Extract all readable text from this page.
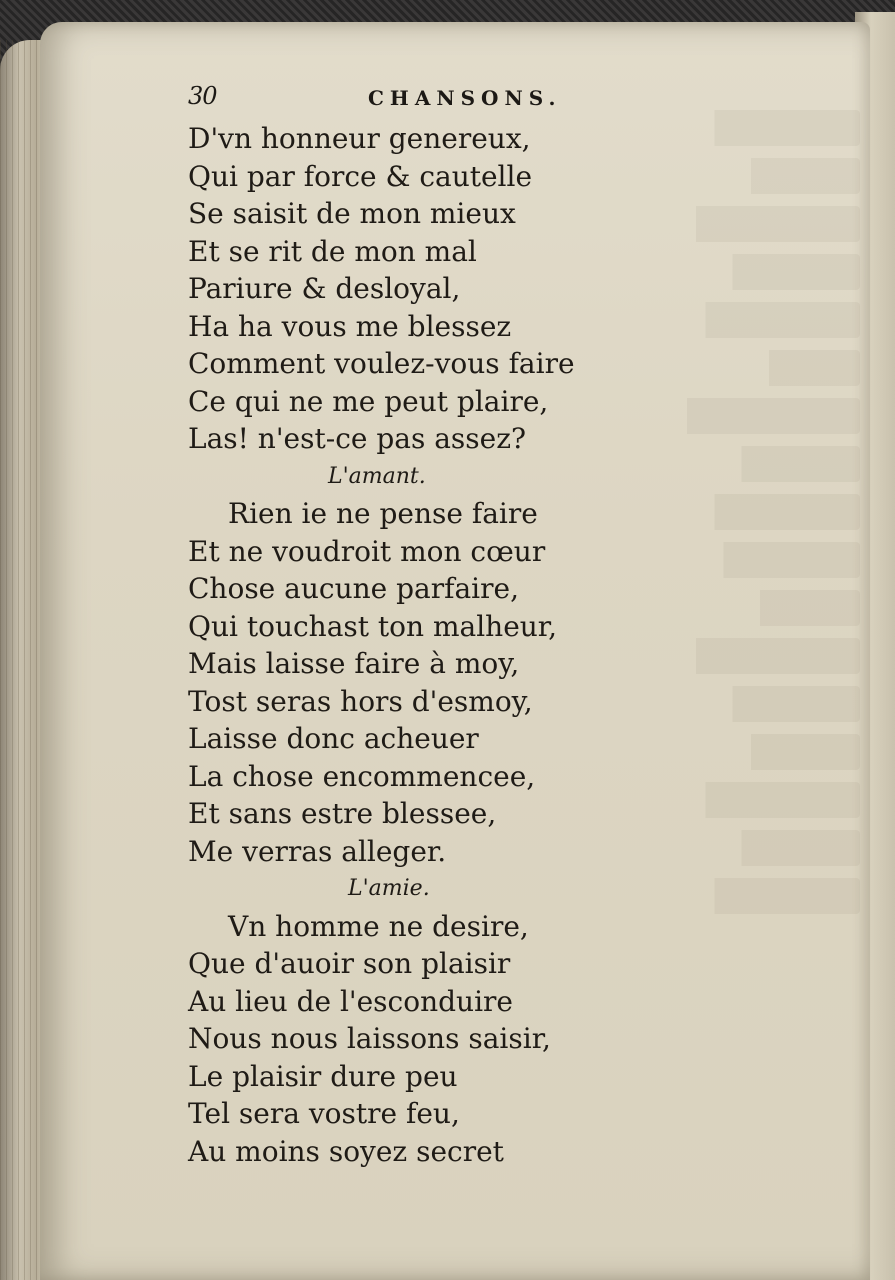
30	CHANSONS.
D'vn honneur genereux,
Qui par force & cautelle
Se saisit de mon mieux
Et se rit de mon mal
Pariure & desloyal,
Ha ha vous me blessez
Comment voulez-vous faire
Ce qui ne me peut plaire,
Las! n'est-ce pas assez?
L'amant.
Rien ie ne pense faire
Et ne voudroit mon cœur
Chose aucune parfaire,
Qui touchast ton malheur,
Mais laisse faire à moy,
Tost seras hors d'esmoy,
Laisse donc acheuer
La chose encommencee,
Et sans estre blessee,
Me verras alleger.
L'amie.
Vn homme ne desire,
Que d'auoir son plaisir
Au lieu de l'esconduire
Nous nous laissons saisir,
Le plaisir dure peu
Tel sera vostre feu,
Au moins soyez secret
